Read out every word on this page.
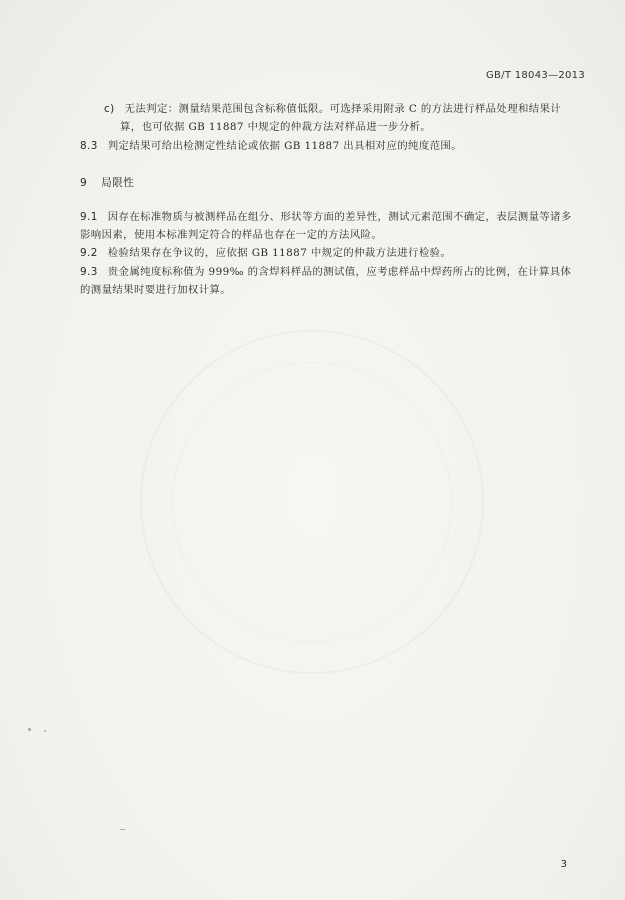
GB/T 18043—2013
c) 无法判定：测量结果范围包含标称值低限。可选择采用附录 C 的方法进行样品处理和结果计
算，也可依据 GB 11887 中规定的仲裁方法对样品进一步分析。
8.3 判定结果可给出检测定性结论或依据 GB 11887 出具相对应的纯度范围。
9 局限性
9.1 因存在标准物质与被测样品在组分、形状等方面的差异性，测试元素范围不确定，表层测量等诸多
影响因素，使用本标准判定符合的样品也存在一定的方法风险。
9.2 检验结果存在争议的，应依据 GB 11887 中规定的仲裁方法进行检验。
9.3 贵金属纯度标称值为 999‰ 的含焊料样品的测试值，应考虑样品中焊药所占的比例，在计算具体
的测量结果时要进行加权计算。
3
